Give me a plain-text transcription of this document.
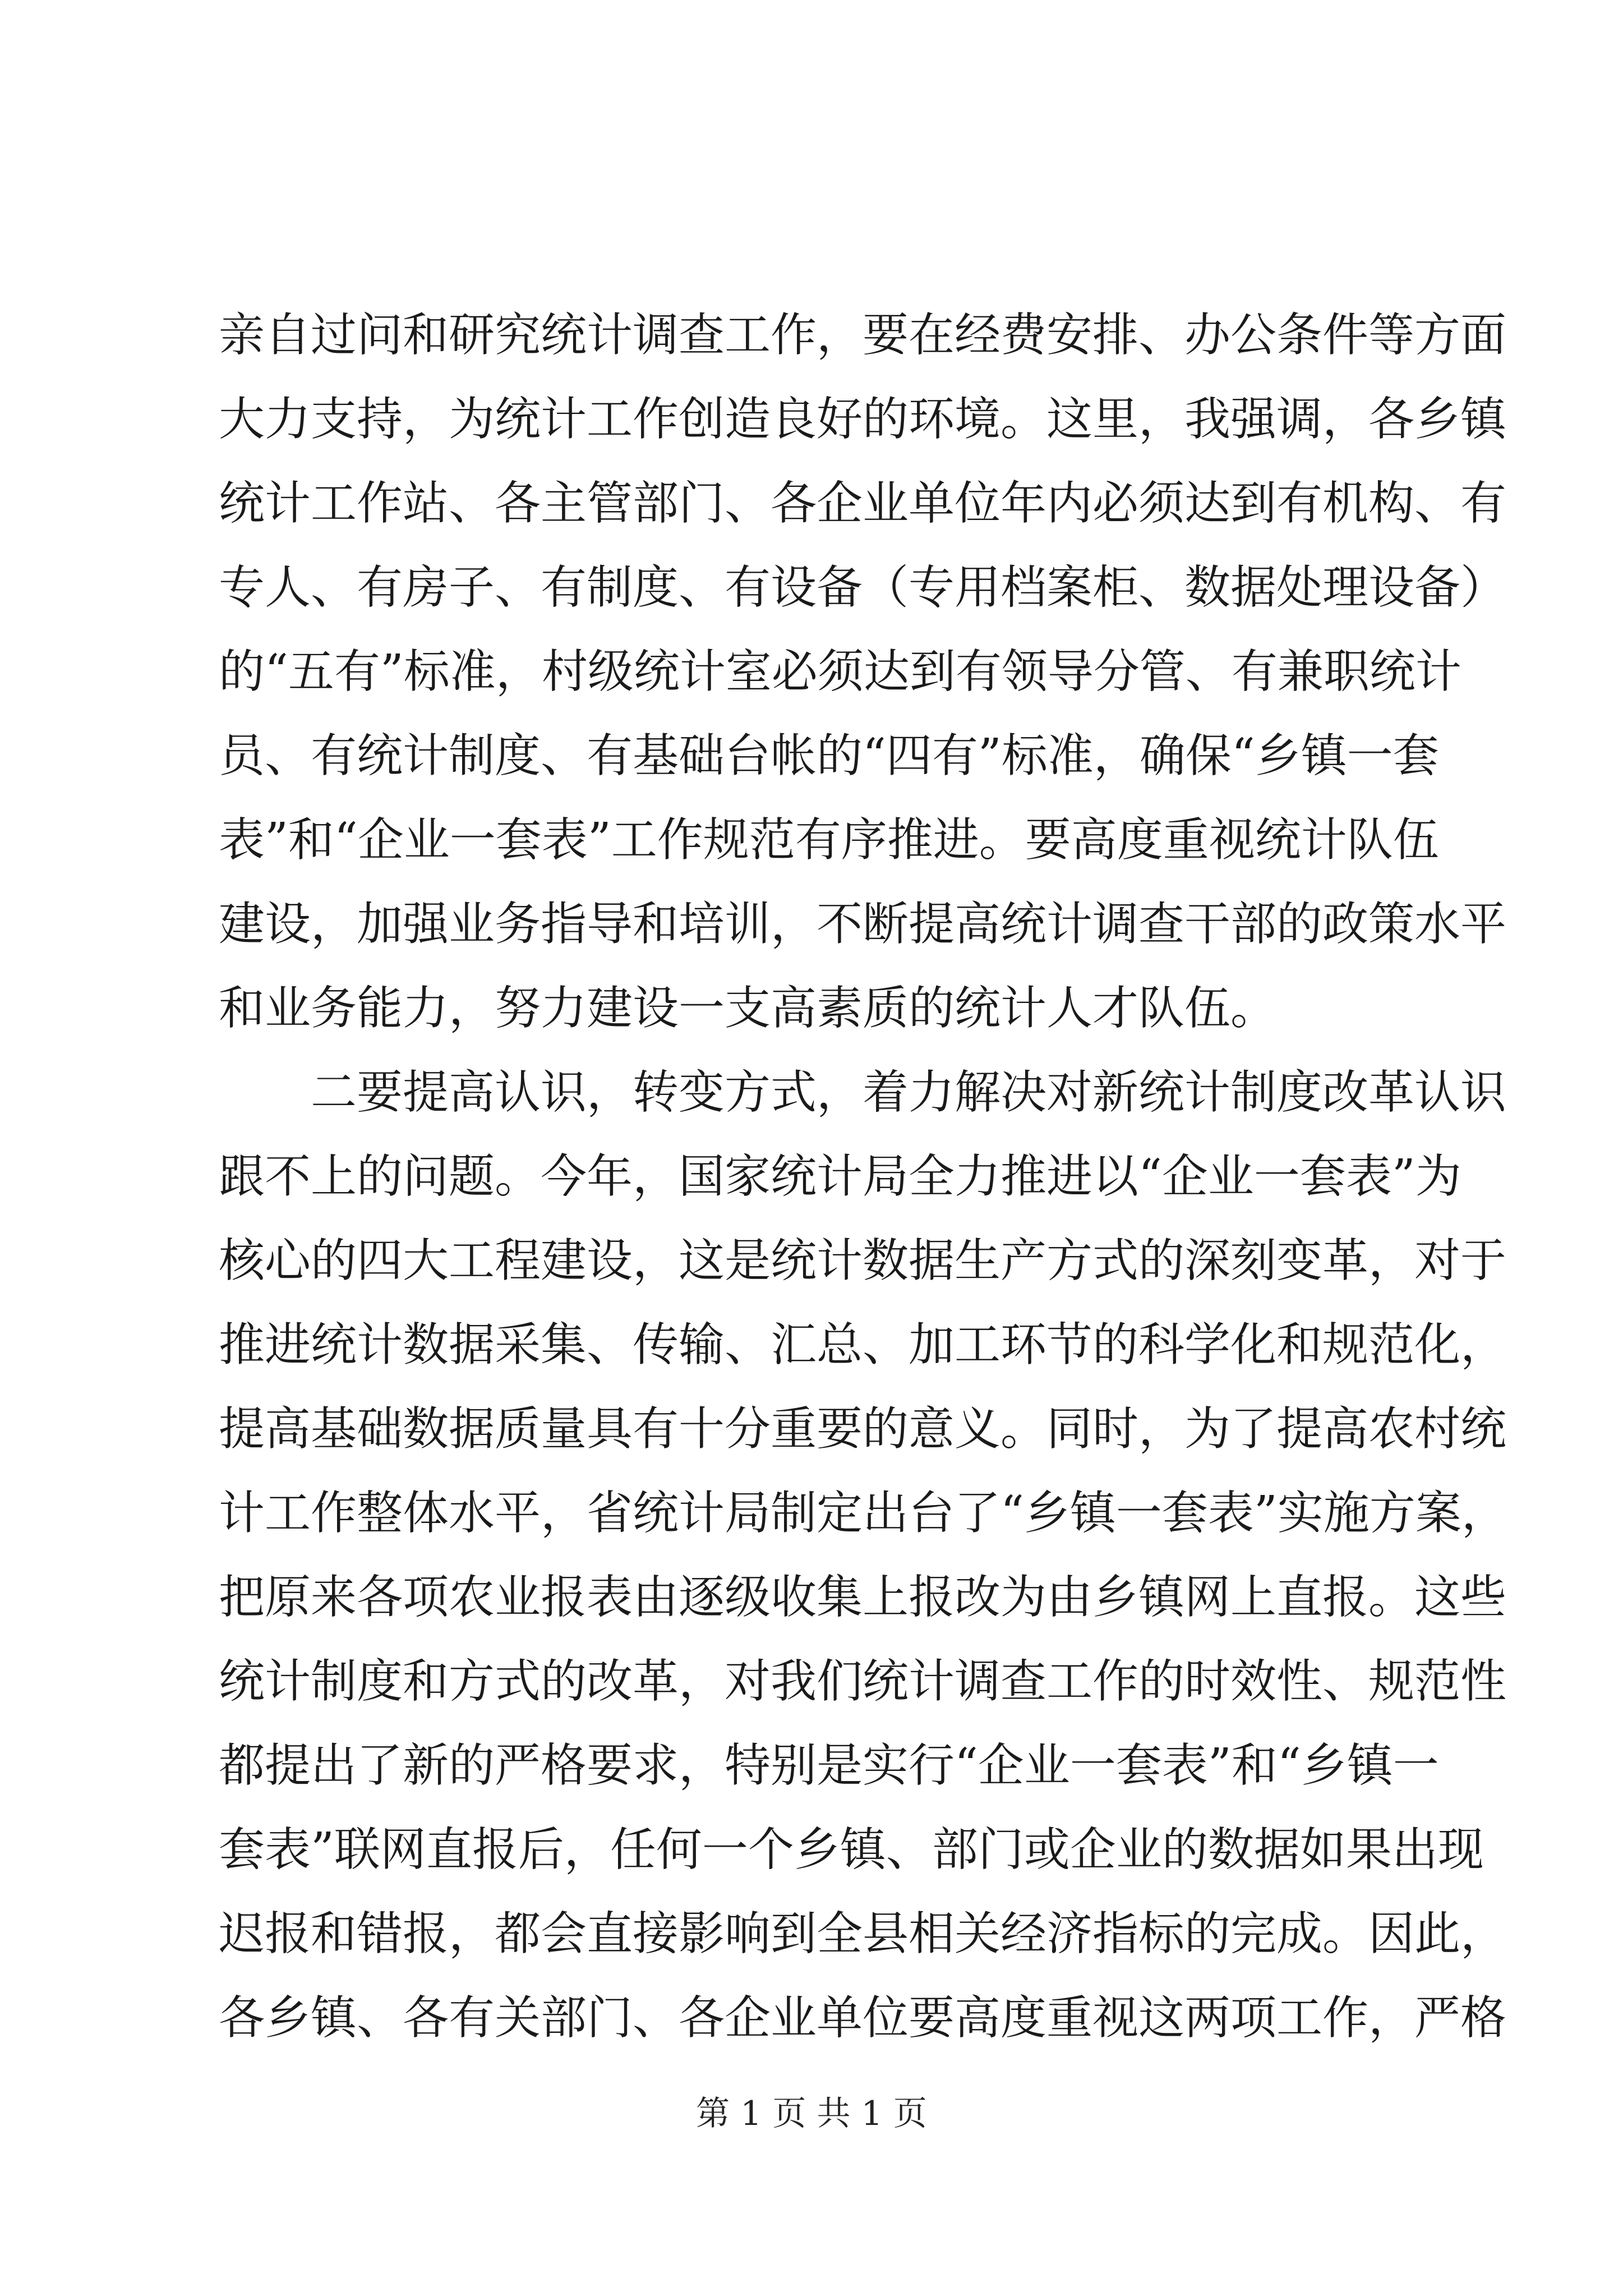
亲自过问和研究统计调查工作，要在经费安排、办公条件等方面
大力支持，为统计工作创造良好的环境。这里，我强调，各乡镇
统计工作站、各主管部门、各企业单位年内必须达到有机构、有
专人、有房子、有制度、有设备（专用档案柜、数据处理设备）
的“五有”标准，村级统计室必须达到有领导分管、有兼职统计
员、有统计制度、有基础台帐的“四有”标准，确保“乡镇一套
表”和“企业一套表”工作规范有序推进。要高度重视统计队伍
建设，加强业务指导和培训，不断提高统计调查干部的政策水平
和业务能力，努力建设一支高素质的统计人才队伍。
二要提高认识，转变方式，着力解决对新统计制度改革认识
跟不上的问题。今年，国家统计局全力推进以“企业一套表”为
核心的四大工程建设，这是统计数据生产方式的深刻变革，对于
推进统计数据采集、传输、汇总、加工环节的科学化和规范化，
提高基础数据质量具有十分重要的意义。同时，为了提高农村统
计工作整体水平，省统计局制定出台了“乡镇一套表”实施方案，
把原来各项农业报表由逐级收集上报改为由乡镇网上直报。这些
统计制度和方式的改革，对我们统计调查工作的时效性、规范性
都提出了新的严格要求，特别是实行“企业一套表”和“乡镇一
套表”联网直报后，任何一个乡镇、部门或企业的数据如果出现
迟报和错报，都会直接影响到全县相关经济指标的完成。因此，
各乡镇、各有关部门、各企业单位要高度重视这两项工作，严格
第 1 页 共 1 页
